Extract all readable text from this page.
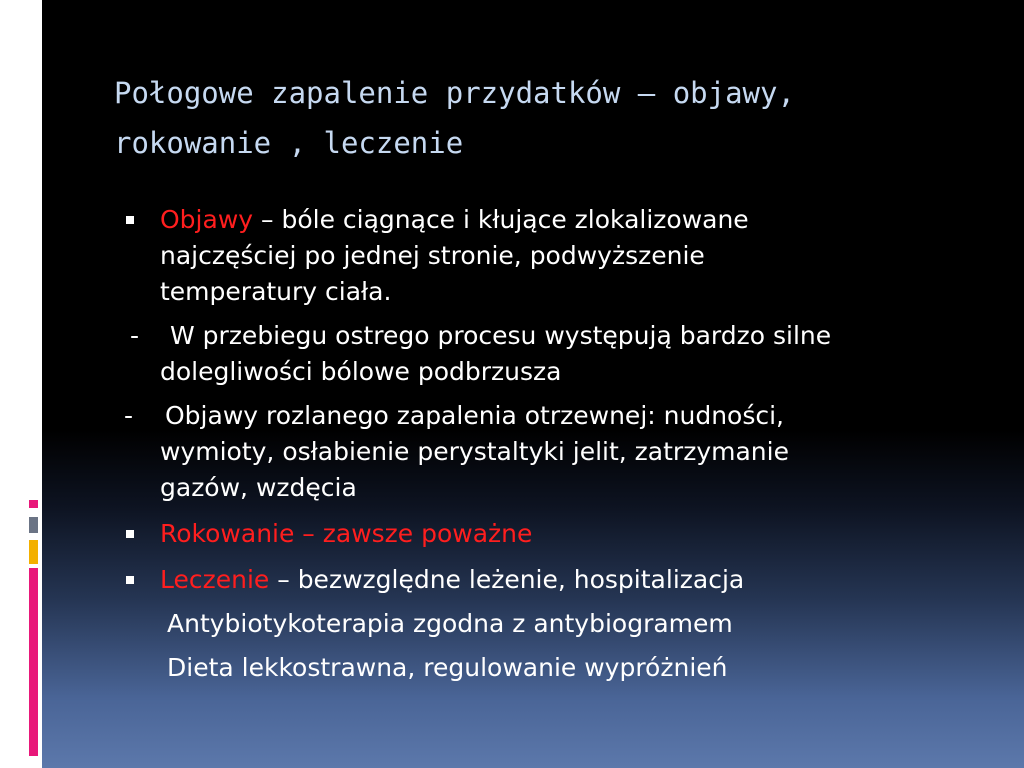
Połogowe zapalenie przydatków – objawy,
rokowanie , leczenie

Objawy – bóle ciągnące i kłujące zlokalizowane
najczęściej po jednej stronie, podwyższenie
temperatury ciała.

- W przebiegu ostrego procesu występują bardzo silne
dolegliwości bólowe podbrzusza

- Objawy rozlanego zapalenia otrzewnej: nudności,
wymioty, osłabienie perystaltyki jelit, zatrzymanie
gazów, wzdęcia

Rokowanie – zawsze poważne

Leczenie – bezwzględne leżenie, hospitalizacja

Antybiotykoterapia zgodna z antybiogramem

Dieta lekkostrawna, regulowanie wypróżnień
